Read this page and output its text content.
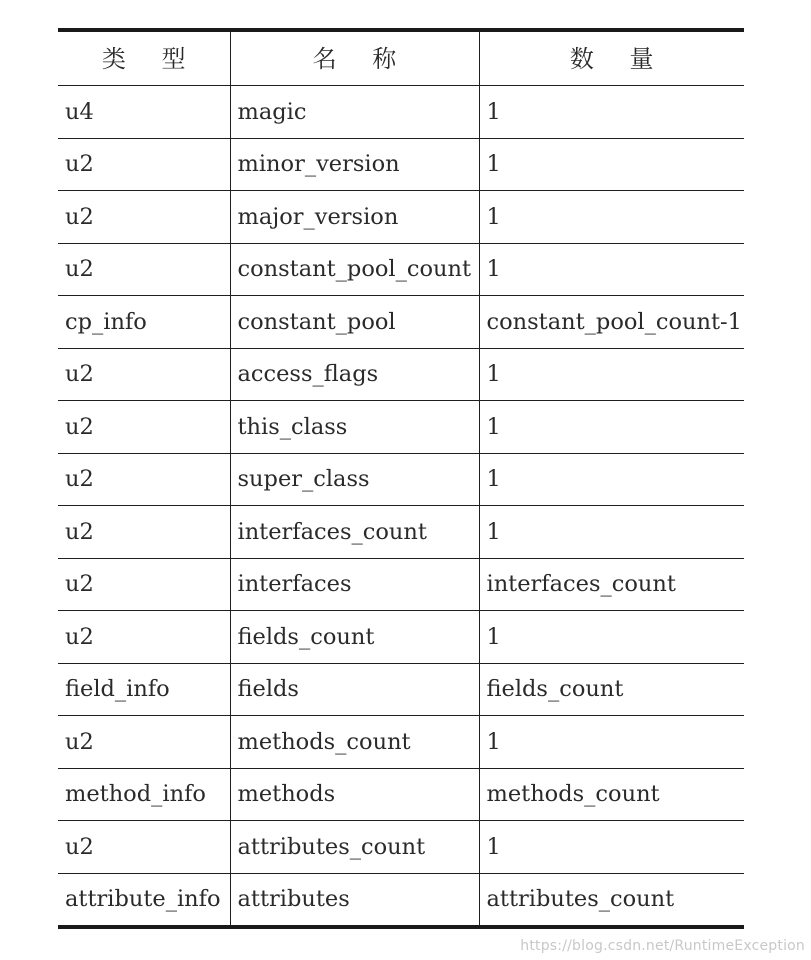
类 型	名 称	数 量
u4	magic	1
u2	minor_version	1
u2	major_version	1
u2	constant_pool_count	1
cp_info	constant_pool	constant_pool_count-1
u2	access_flags	1
u2	this_class	1
u2	super_class	1
u2	interfaces_count	1
u2	interfaces	interfaces_count
u2	fields_count	1
field_info	fields	fields_count
u2	methods_count	1
method_info	methods	methods_count
u2	attributes_count	1
attribute_info	attributes	attributes_count
https://blog.csdn.net/RuntimeException
